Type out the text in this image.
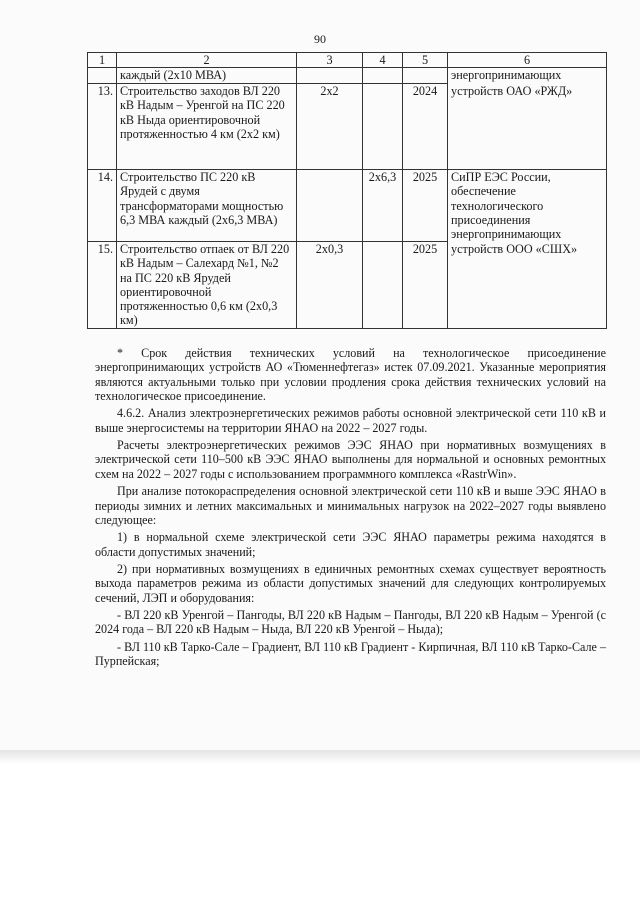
90
1	2	3	4	5	6
	каждый (2х10 МВА)				энергопринимающих
13.	Строительство заходов ВЛ 220 кВ Надым – Уренгой на ПС 220 кВ Ныда ориентировочной протяженностью 4 км (2х2 км)	2х2		2024	устройств ОАО «РЖД»
14.	Строительство ПС 220 кВ Ярудей с двумя трансформаторами мощностью 6,3 МВА каждый (2х6,3 МВА)		2х6,3	2025	СиПР ЕЭС России, обеспечение технологического присоединения энергопринимающих
15.	Строительство отпаек от ВЛ 220 кВ Надым – Салехард №1, №2 на ПС 220 кВ Ярудей ориентировочной протяженностью 0,6 км (2х0,3 км)	2х0,3		2025	устройств ООО «СШХ»

* Срок действия технических условий на технологическое присоединение энергопринимающих устройств АО «Тюменнефтегаз» истек 07.09.2021. Указанные мероприятия являются актуальными только при условии продления срока действия технических условий на технологическое присоединение.

4.6.2. Анализ электроэнергетических режимов работы основной электрической сети 110 кВ и выше энергосистемы на территории ЯНАО на 2022 – 2027 годы.

Расчеты электроэнергетических режимов ЭЭС ЯНАО при нормативных возмущениях в электрической сети 110–500 кВ ЭЭС ЯНАО выполнены для нормальной и основных ремонтных схем на 2022 – 2027 годы с использованием программного комплекса «RastrWin».

При анализе потокораспределения основной электрической сети 110 кВ и выше ЭЭС ЯНАО в периоды зимних и летних максимальных и минимальных нагрузок на 2022–2027 годы выявлено следующее:

1) в нормальной схеме электрической сети ЭЭС ЯНАО параметры режима находятся в области допустимых значений;

2) при нормативных возмущениях в единичных ремонтных схемах существует вероятность выхода параметров режима из области допустимых значений для следующих контролируемых сечений, ЛЭП и оборудования:

- ВЛ 220 кВ Уренгой – Пангоды, ВЛ 220 кВ Надым – Пангоды, ВЛ 220 кВ Надым – Уренгой (с 2024 года – ВЛ 220 кВ Надым – Ныда, ВЛ 220 кВ Уренгой – Ныда);

- ВЛ 110 кВ Тарко-Сале – Градиент, ВЛ 110 кВ Градиент - Кирпичная, ВЛ 110 кВ Тарко-Сале – Пурпейская;
